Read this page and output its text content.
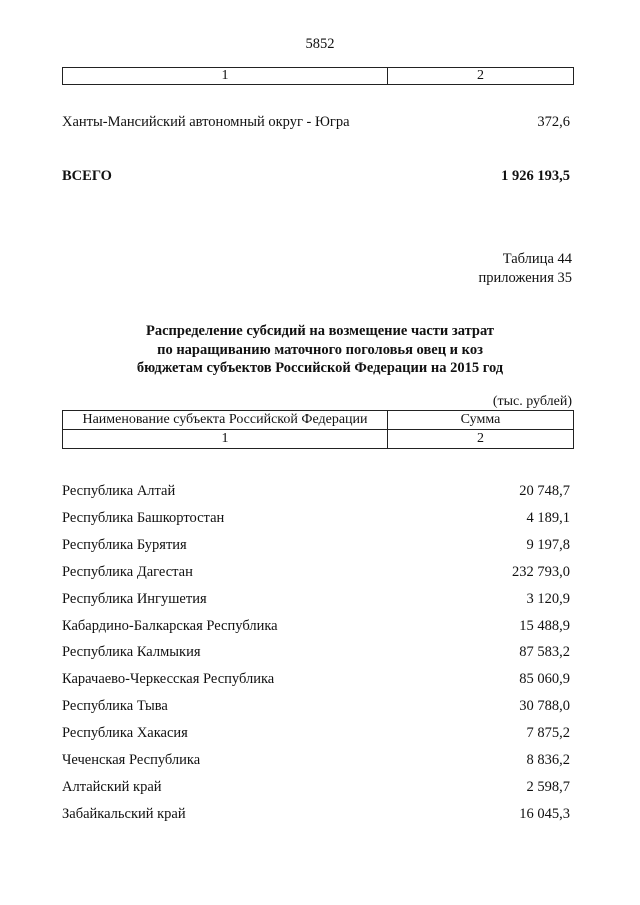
5852
1	2
Ханты-Мансийский автономный округ - Югра	372,6
ВСЕГО	1 926 193,5
Таблица 44
приложения 35
Распределение субсидий на возмещение части затрат
по наращиванию маточного поголовья овец и коз
бюджетам субъектов Российской Федерации на 2015 год
(тыс. рублей)
Наименование субъекта Российской Федерации	Сумма
1	2
Республика Алтай	20 748,7
Республика Башкортостан	4 189,1
Республика Бурятия	9 197,8
Республика Дагестан	232 793,0
Республика Ингушетия	3 120,9
Кабардино-Балкарская Республика	15 488,9
Республика Калмыкия	87 583,2
Карачаево-Черкесская Республика	85 060,9
Республика Тыва	30 788,0
Республика Хакасия	7 875,2
Чеченская Республика	8 836,2
Алтайский край	2 598,7
Забайкальский край	16 045,3
